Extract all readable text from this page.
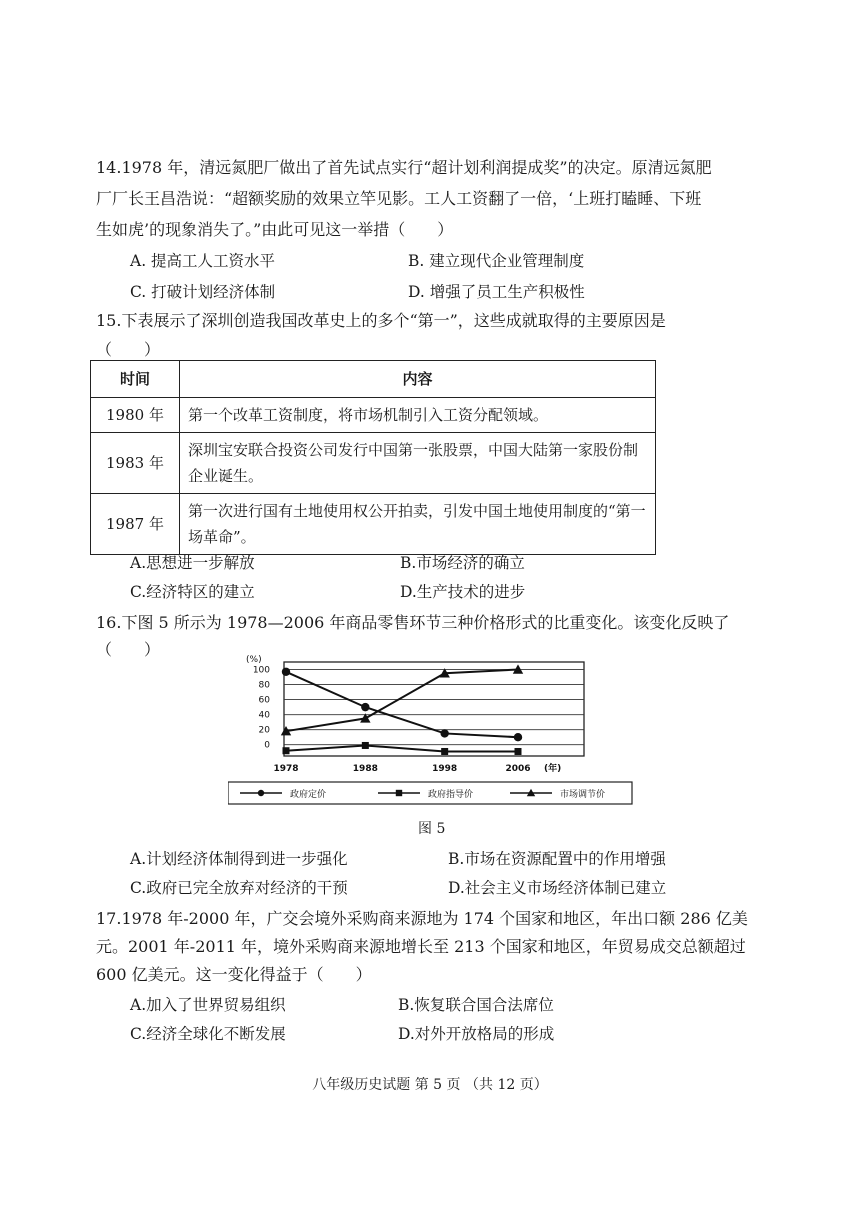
14.1978 年，清远氮肥厂做出了首先试点实行“超计划利润提成奖”的决定。原清远氮肥
厂厂长王昌浩说：“超额奖励的效果立竿见影。工人工资翻了一倍，‘上班打瞌睡、下班
生如虎’的现象消失了。”由此可见这一举措（　　）
A. 提高工人工资水平	B. 建立现代企业管理制度
C. 打破计划经济体制	D. 增强了员工生产积极性
15.下表展示了深圳创造我国改革史上的多个“第一”，这些成就取得的主要原因是
（　　）
时间	内容
1980 年	第一个改革工资制度，将市场机制引入工资分配领域。
1983 年	深圳宝安联合投资公司发行中国第一张股票，中国大陆第一家股份制企业诞生。
1987 年	第一次进行国有土地使用权公开拍卖，引发中国土地使用制度的“第一场革命”。
A.思想进一步解放	B.市场经济的确立
C.经济特区的建立	D.生产技术的进步
16.下图 5 所示为 1978—2006 年商品零售环节三种价格形式的比重变化。该变化反映了
（　　）
(%)
0
20
40
60
80
100
1978	1988	1998	2006 (年)
政府定价	政府指导价	市场调节价
图 5
A.计划经济体制得到进一步强化	B.市场在资源配置中的作用增强
C.政府已完全放弃对经济的干预	D.社会主义市场经济体制已建立
17.1978 年-2000 年，广交会境外采购商来源地为 174 个国家和地区，年出口额 286 亿美
元。2001 年-2011 年，境外采购商来源地增长至 213 个国家和地区，年贸易成交总额超过
600 亿美元。这一变化得益于（　　）
A.加入了世界贸易组织	B.恢复联合国合法席位
C.经济全球化不断发展	D.对外开放格局的形成
八年级历史试题 第 5 页 （共 12 页）
